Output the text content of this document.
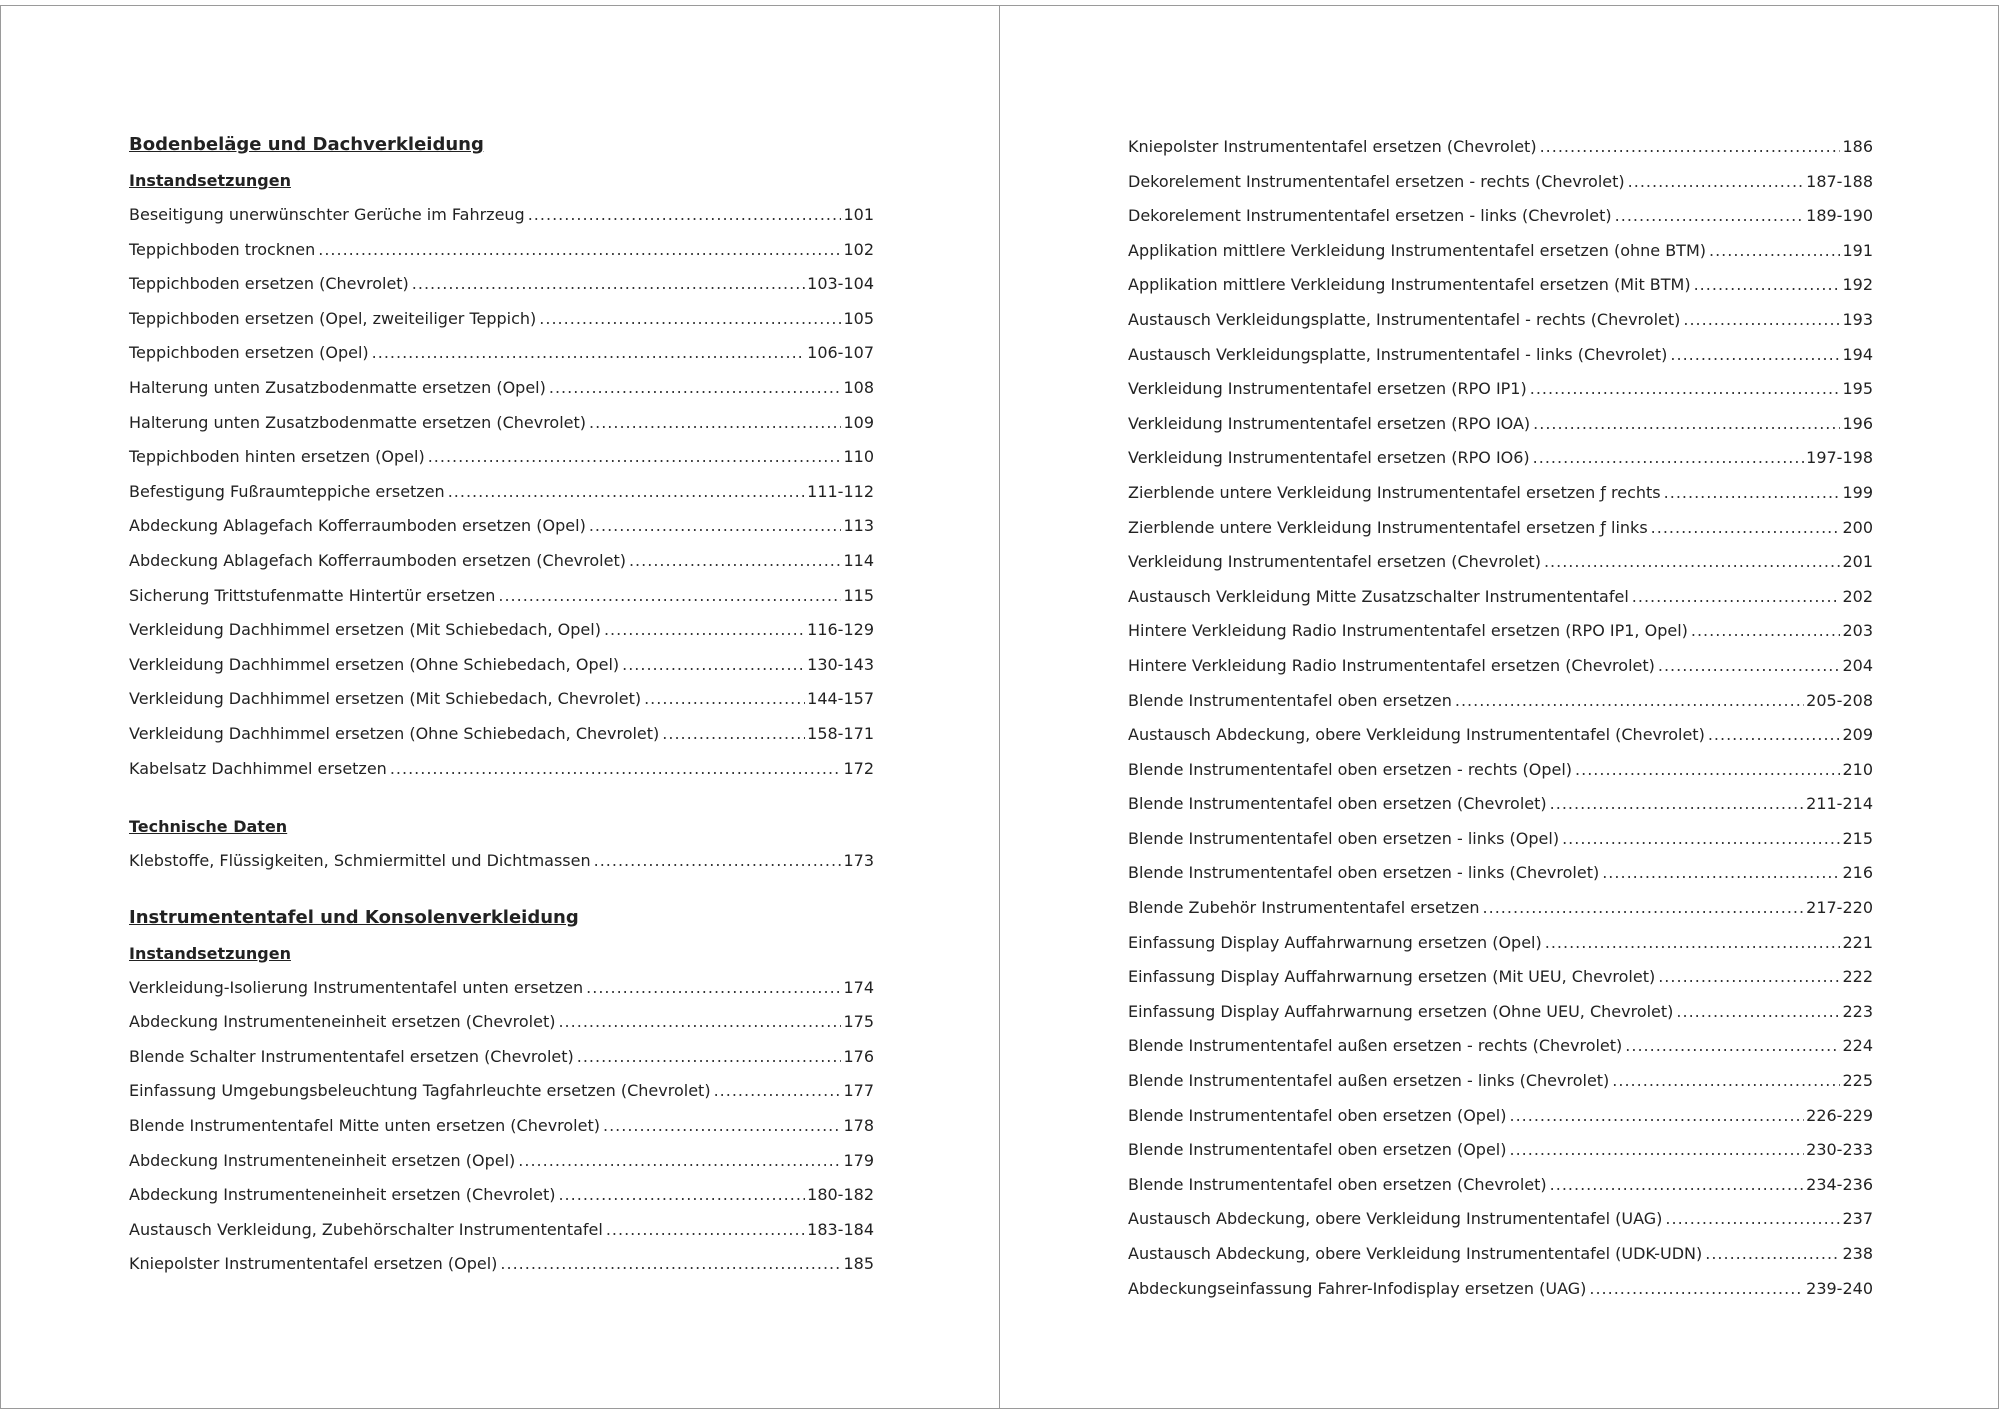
Bodenbeläge und Dachverkleidung
Instandsetzungen
Beseitigung unerwünschter Gerüche im Fahrzeug .....	101
Teppichboden trocknen .....	102
Teppichboden ersetzen (Chevrolet) .....	103-104
Teppichboden ersetzen (Opel, zweiteiliger Teppich) .....	105
Teppichboden ersetzen (Opel) .....	106-107
Halterung unten Zusatzbodenmatte ersetzen (Opel) .....	108
Halterung unten Zusatzbodenmatte ersetzen (Chevrolet) .....	109
Teppichboden hinten ersetzen (Opel) .....	110
Befestigung Fußraumteppiche ersetzen .....	111-112
Abdeckung Ablagefach Kofferraumboden ersetzen (Opel) .....	113
Abdeckung Ablagefach Kofferraumboden ersetzen (Chevrolet) .....	114
Sicherung Trittstufenmatte Hintertür ersetzen .....	115
Verkleidung Dachhimmel ersetzen (Mit Schiebedach, Opel) .....	116-129
Verkleidung Dachhimmel ersetzen (Ohne Schiebedach, Opel) .....	130-143
Verkleidung Dachhimmel ersetzen (Mit Schiebedach, Chevrolet) .....	144-157
Verkleidung Dachhimmel ersetzen (Ohne Schiebedach, Chevrolet) .....	158-171
Kabelsatz Dachhimmel ersetzen .....	172
Technische Daten
Klebstoffe, Flüssigkeiten, Schmiermittel und Dichtmassen .....	173
Instrumententafel und Konsolenverkleidung
Instandsetzungen
Verkleidung-Isolierung Instrumententafel unten ersetzen .....	174
Abdeckung Instrumenteneinheit ersetzen (Chevrolet) .....	175
Blende Schalter Instrumententafel ersetzen (Chevrolet) .....	176
Einfassung Umgebungsbeleuchtung Tagfahrleuchte ersetzen (Chevrolet) .....	177
Blende Instrumententafel Mitte unten ersetzen (Chevrolet) .....	178
Abdeckung Instrumenteneinheit ersetzen (Opel) .....	179
Abdeckung Instrumenteneinheit ersetzen (Chevrolet) .....	180-182
Austausch Verkleidung, Zubehörschalter Instrumententafel .....	183-184
Kniepolster Instrumententafel ersetzen (Opel) .....	185
Kniepolster Instrumententafel ersetzen (Chevrolet) .....	186
Dekorelement Instrumententafel ersetzen - rechts (Chevrolet) .....	187-188
Dekorelement Instrumententafel ersetzen - links (Chevrolet) .....	189-190
Applikation mittlere Verkleidung Instrumententafel ersetzen (ohne BTM) .....	191
Applikation mittlere Verkleidung Instrumententafel ersetzen (Mit BTM) .....	192
Austausch Verkleidungsplatte, Instrumententafel - rechts (Chevrolet) .....	193
Austausch Verkleidungsplatte, Instrumententafel - links (Chevrolet) .....	194
Verkleidung Instrumententafel ersetzen (RPO IP1) .....	195
Verkleidung Instrumententafel ersetzen (RPO IOA) .....	196
Verkleidung Instrumententafel ersetzen (RPO IO6) .....	197-198
Zierblende untere Verkleidung Instrumententafel ersetzen ƒ rechts .....	199
Zierblende untere Verkleidung Instrumententafel ersetzen ƒ links .....	200
Verkleidung Instrumententafel ersetzen (Chevrolet) .....	201
Austausch Verkleidung Mitte Zusatzschalter Instrumententafel .....	202
Hintere Verkleidung Radio Instrumententafel ersetzen (RPO IP1, Opel) .....	203
Hintere Verkleidung Radio Instrumententafel ersetzen (Chevrolet) .....	204
Blende Instrumententafel oben ersetzen .....	205-208
Austausch Abdeckung, obere Verkleidung Instrumententafel (Chevrolet) .....	209
Blende Instrumententafel oben ersetzen - rechts (Opel) .....	210
Blende Instrumententafel oben ersetzen (Chevrolet) .....	211-214
Blende Instrumententafel oben ersetzen - links (Opel) .....	215
Blende Instrumententafel oben ersetzen - links (Chevrolet) .....	216
Blende Zubehör Instrumententafel ersetzen .....	217-220
Einfassung Display Auffahrwarnung ersetzen (Opel) .....	221
Einfassung Display Auffahrwarnung ersetzen (Mit UEU, Chevrolet) .....	222
Einfassung Display Auffahrwarnung ersetzen (Ohne UEU, Chevrolet) .....	223
Blende Instrumententafel außen ersetzen - rechts (Chevrolet) .....	224
Blende Instrumententafel außen ersetzen - links (Chevrolet) .....	225
Blende Instrumententafel oben ersetzen (Opel) .....	226-229
Blende Instrumententafel oben ersetzen (Opel) .....	230-233
Blende Instrumententafel oben ersetzen (Chevrolet) .....	234-236
Austausch Abdeckung, obere Verkleidung Instrumententafel (UAG) .....	237
Austausch Abdeckung, obere Verkleidung Instrumententafel (UDK-UDN) .....	238
Abdeckungseinfassung Fahrer-Infodisplay ersetzen (UAG) .....	239-240
